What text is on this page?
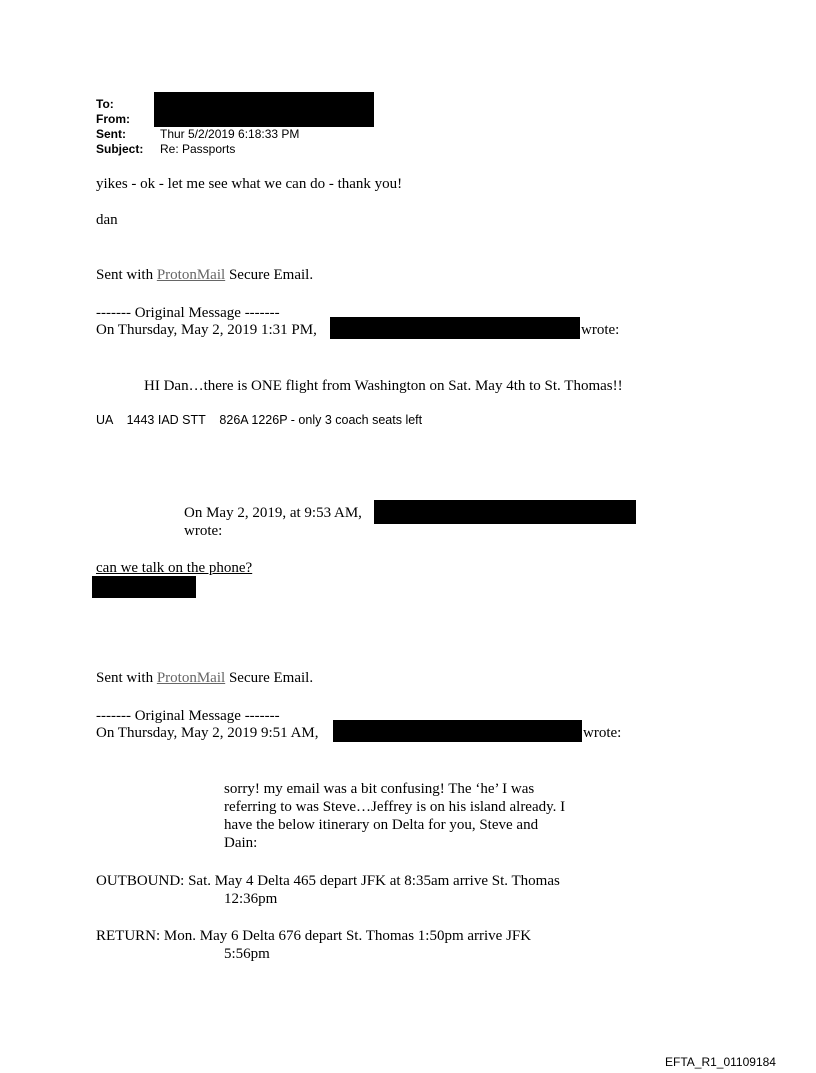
To:
From:
Sent:	Thur 5/2/2019 6:18:33 PM
Subject: Re: Passports
yikes - ok - let me see what we can do - thank you!
dan
Sent with ProtonMail Secure Email.
------- Original Message -------
On Thursday, May 2, 2019 1:31 PM,	wrote:
HI Dan…there is ONE flight from Washington on Sat. May 4th to St. Thomas!!
UA    1443 IAD STT    826A 1226P - only 3 coach seats left
On May 2, 2019, at 9:53 AM,
wrote:
can we talk on the phone?
Sent with ProtonMail Secure Email.
------- Original Message -------
On Thursday, May 2, 2019 9:51 AM,	wrote:
sorry! my email was a bit confusing! The ‘he’ I was
referring to was Steve…Jeffrey is on his island already. I
have the below itinerary on Delta for you, Steve and
Dain:
OUTBOUND: Sat. May 4 Delta 465 depart JFK at 8:35am arrive St. Thomas
12:36pm
RETURN: Mon. May 6 Delta 676 depart St. Thomas 1:50pm arrive JFK
5:56pm
EFTA_R1_01109184
